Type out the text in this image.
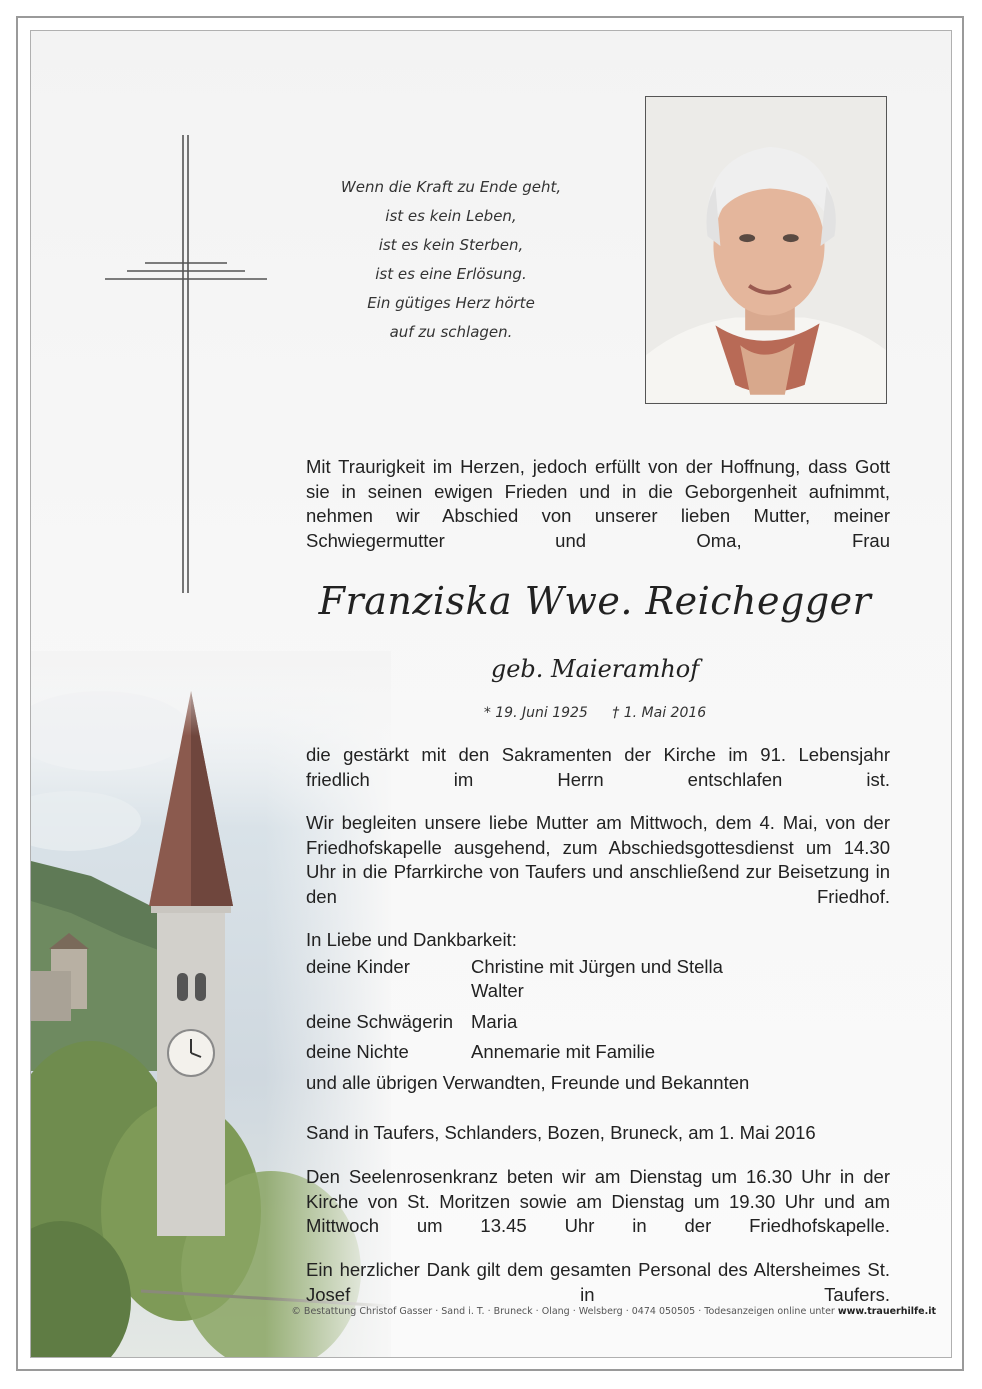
Wenn die Kraft zu Ende geht,
ist es kein Leben,
ist es kein Sterben,
ist es eine Erlösung.
Ein gütiges Herz hörte
auf zu schlagen.
Mit Traurigkeit im Herzen, jedoch erfüllt von der Hoffnung, dass Gott sie in seinen ewigen Frieden und in die Geborgenheit aufnimmt, nehmen wir Abschied von unserer lieben Mutter, meiner Schwiegermutter und Oma, Frau
Franziska Wwe. Reichegger
geb. Maieramhof
* 19. Juni 1925 † 1. Mai 2016
die gestärkt mit den Sakramenten der Kirche im 91. Lebensjahr friedlich im Herrn entschlafen ist.
Wir begleiten unsere liebe Mutter am Mittwoch, dem 4. Mai, von der Friedhofskapelle ausgehend, zum Abschiedsgottesdienst um 14.30 Uhr in die Pfarrkirche von Taufers und anschließend zur Beisetzung in den Friedhof.
In Liebe und Dankbarkeit:
deine Kinder	Christine mit Jürgen und Stella
Walter
deine Schwägerin Maria
deine Nichte	Annemarie mit Familie
und alle übrigen Verwandten, Freunde und Bekannten
Sand in Taufers, Schlanders, Bozen, Bruneck, am 1. Mai 2016
Den Seelenrosenkranz beten wir am Dienstag um 16.30 Uhr in der Kirche von St. Moritzen sowie am Dienstag um 19.30 Uhr und am Mittwoch um 13.45 Uhr in der Friedhofskapelle.
Ein herzlicher Dank gilt dem gesamten Personal des Altersheimes St. Josef in Taufers.
© Bestattung Christof Gasser · Sand i. T. · Bruneck · Olang · Welsberg · 0474 050505 · Todesanzeigen online unter www.trauerhilfe.it
